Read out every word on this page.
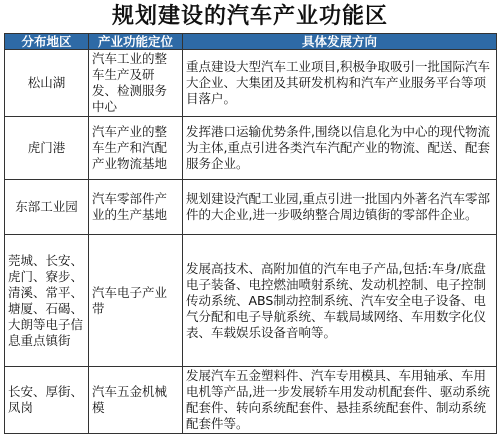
规划建设的汽车产业功能区
分布地区	产业功能定位	具体发展方向
松山湖	汽车工业的整车生产及研发、检测服务中心	重点建设大型汽车工业项目,积极争取吸引一批国际汽车大企业、大集团及其研发机构和汽车产业服务平台等项目落户。
虎门港	汽车产业的整车生产和汽配产业物流基地	发挥港口运输优势条件,围绕以信息化为中心的现代物流为主体,重点引进各类汽车汽配产业的物流、配送、配套服务企业。
东部工业园	汽车零部件产业的生产基地	规划建设汽配工业园,重点引进一批国内外著名汽车零部件的大企业,进一步吸纳整合周边镇街的零部件企业。
莞城、长安、虎门、寮步、清溪、常平、塘厦、石碣、大朗等电子信息重点镇街	汽车电子产业带	发展高技术、高附加值的汽车电子产品,包括:车身/底盘电子装备、电控燃油喷射系统、发动机控制、电子控制传动系统、ABS制动控制系统、汽车安全电子设备、电气分配和电子导航系统、车载局域网络、车用数字化仪表、车载娱乐设备音响等。
长安、厚街、凤岗	汽车五金机械模	发展汽车五金塑料件、汽车专用模具、车用轴承、车用电机等产品,进一步发展轿车用发动机配套件、驱动系统配套件、转向系统配套件、悬挂系统配套件、制动系统配套件等。
